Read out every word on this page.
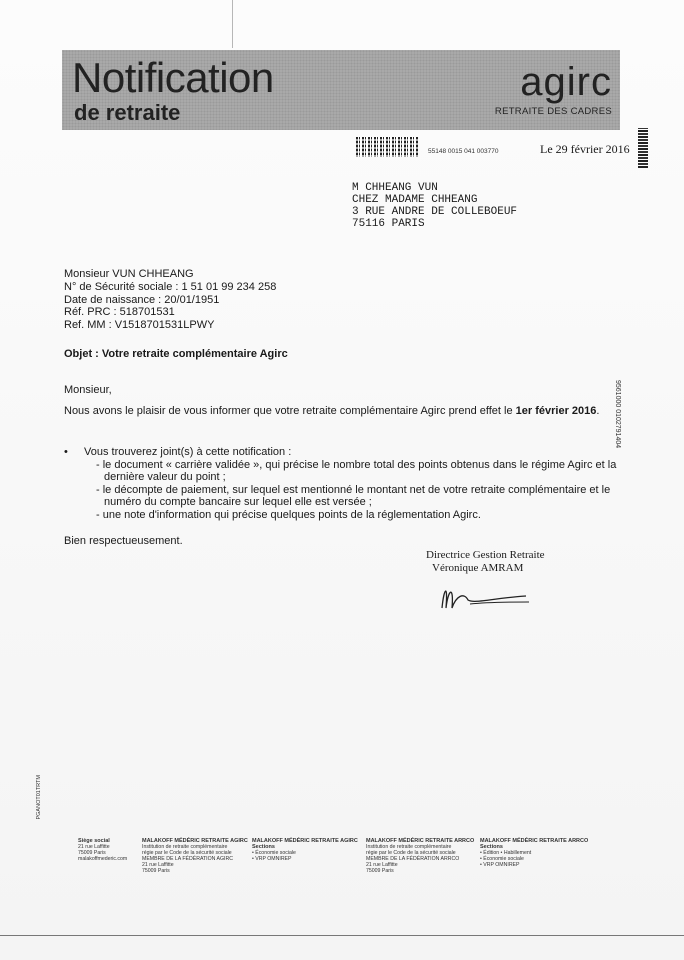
Notification
de retraite
agirc
RETRAITE DES CADRES
55148 0015 041 003770	Le 29 février 2016
M CHHEANG VUN
CHEZ MADAME CHHEANG
3 RUE ANDRE DE COLLEBOEUF
75116 PARIS
Monsieur VUN CHHEANG
N° de Sécurité sociale : 1 51 01 99 234 258
Date de naissance : 20/01/1951
Réf. PRC : 518701531
Ref. MM : V1518701531LPWY
Objet : Votre retraite complémentaire Agirc
Monsieur,
Nous avons le plaisir de vous informer que votre retraite complémentaire Agirc prend effet le 1er février 2016.
• Vous trouverez joint(s) à cette notification :
- le document « carrière validée », qui précise le nombre total des points obtenus dans le régime Agirc et la
dernière valeur du point ;
- le décompte de paiement, sur lequel est mentionné le montant net de votre retraite complémentaire et le
numéro du compte bancaire sur lequel elle est versée ;
- une note d'information qui précise quelques points de la réglementation Agirc.
Bien respectueusement.
Directrice Gestion Retraite
Véronique AMRAM
9561000 0102791404
PGANOT01TRTM
Siège social
21 rue Laffitte
75009 Paris
malakoffmederic.com
MALAKOFF MÉDÉRIC RETRAITE AGIRC
Institution de retraite complémentaire
régie par le Code de la sécurité sociale
MEMBRE DE LA FÉDÉRATION AGIRC
21 rue Laffitte
75009 Paris
MALAKOFF MÉDÉRIC RETRAITE AGIRC
Sections
• Économie sociale
• VRP OMNIREP
MALAKOFF MÉDÉRIC RETRAITE ARRCO
Institution de retraite complémentaire
régie par le Code de la sécurité sociale
MEMBRE DE LA FÉDÉRATION ARRCO
21 rue Laffitte
75009 Paris
MALAKOFF MÉDÉRIC RETRAITE ARRCO
Sections
• Édition • Habillement
• Économie sociale
• VRP OMNIREP
